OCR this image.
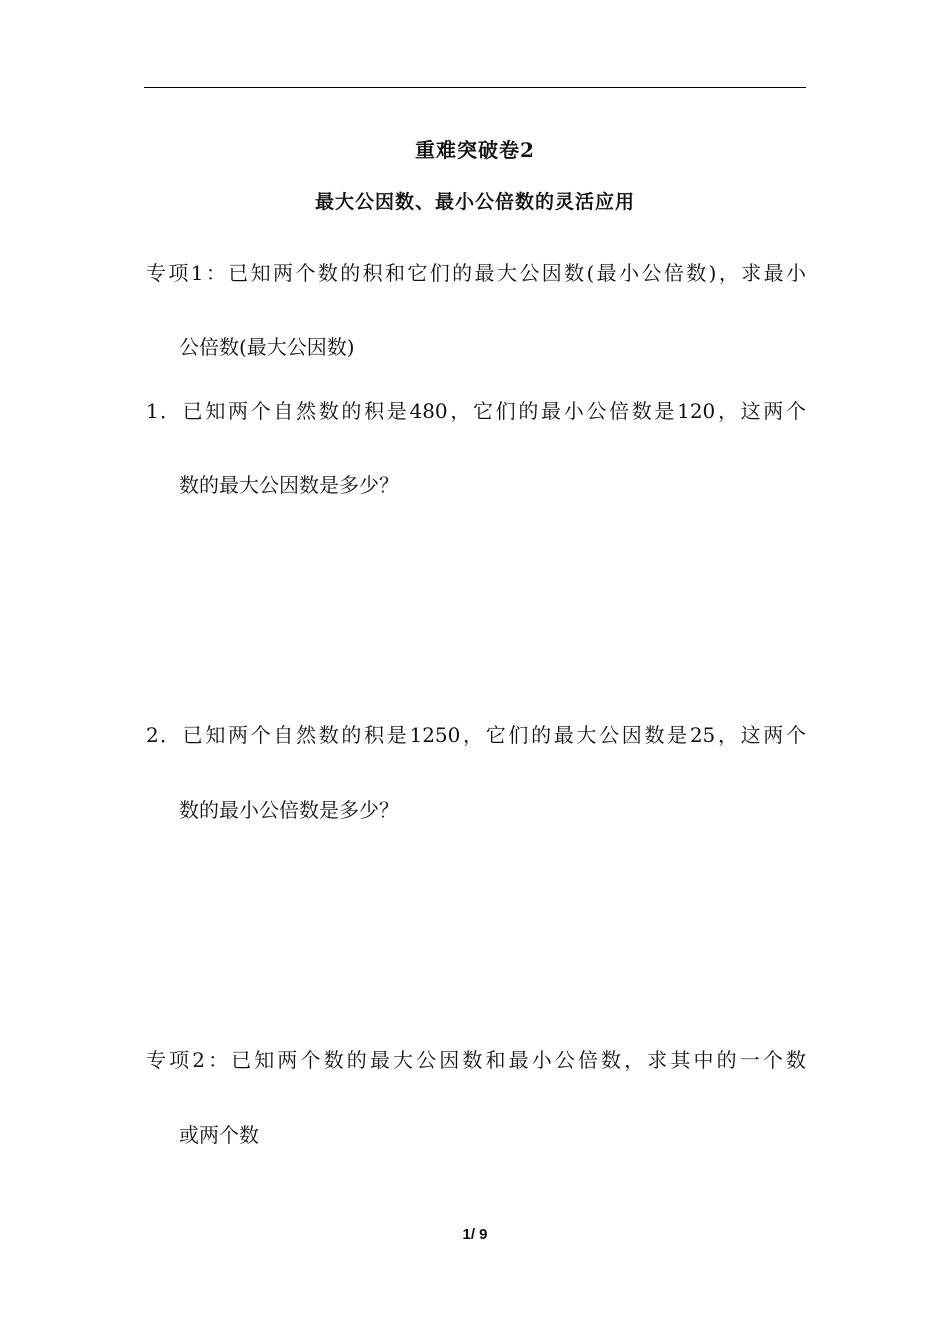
重难突破卷2
最大公因数、最小公倍数的灵活应用
专项1：已知两个数的积和它们的最大公因数(最小公倍数)，求最小
公倍数(最大公因数)
1．已知两个自然数的积是480，它们的最小公倍数是120，这两个
数的最大公因数是多少？
2．已知两个自然数的积是1250，它们的最大公因数是25，这两个
数的最小公倍数是多少？
专项2：已知两个数的最大公因数和最小公倍数，求其中的一个数
或两个数
1/ 9
